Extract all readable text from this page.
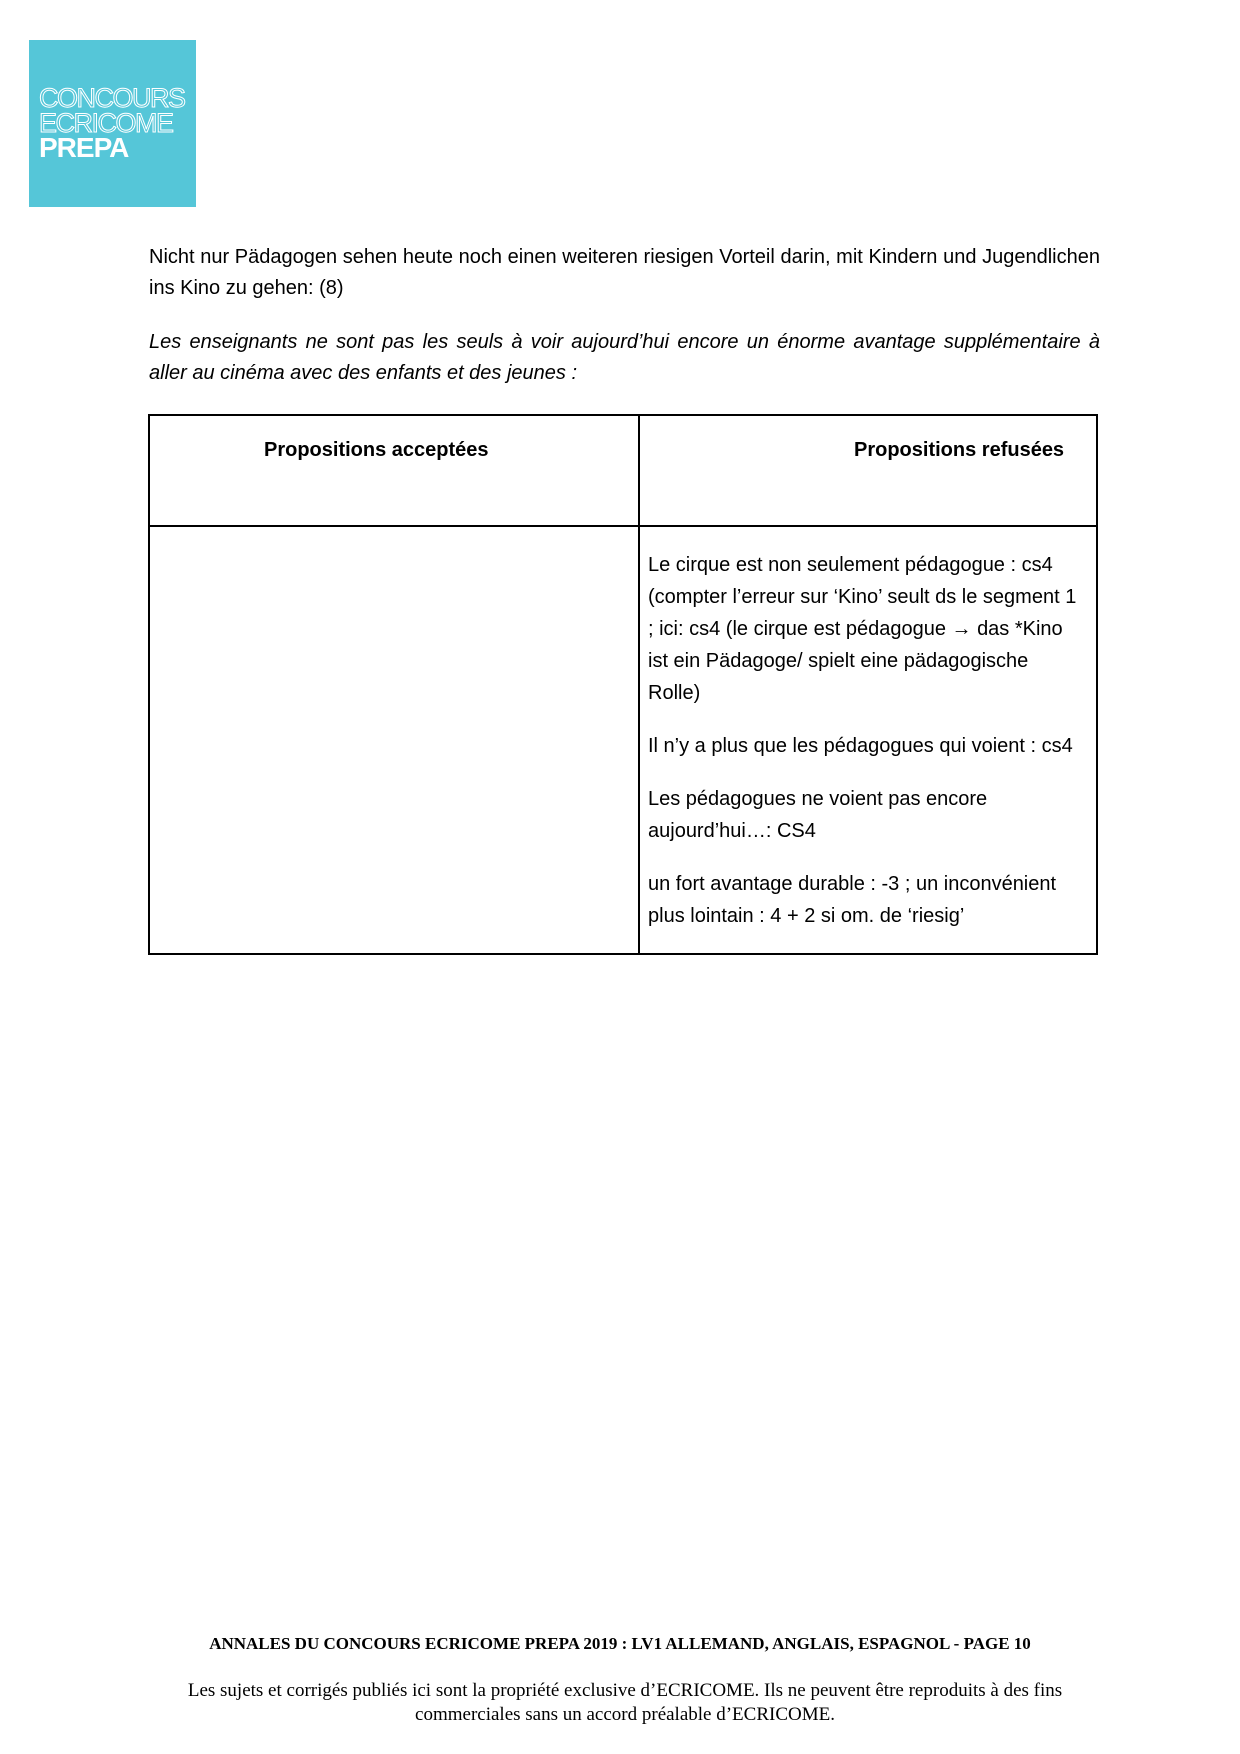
CONCOURS
ECRICOME
PREPA

Nicht nur Pädagogen sehen heute noch einen weiteren riesigen Vorteil darin, mit Kindern und Jugendlichen ins Kino zu gehen: (8)

Les enseignants ne sont pas les seuls à voir aujourd’hui encore un énorme avantage supplémentaire à aller au cinéma avec des enfants et des jeunes :

Propositions acceptées	Propositions refusées

	Le cirque est non seulement pédagogue : cs4 (compter l’erreur sur ‘Kino’ seult ds le segment 1 ; ici: cs4 (le cirque est pédagogue → das *Kino ist ein Pädagoge/ spielt eine pädagogische Rolle)

Il n’y a plus que les pédagogues qui voient : cs4

Les pédagogues ne voient pas encore aujourd’hui…: CS4

un fort avantage durable : -3 ; un inconvénient plus lointain : 4 + 2 si om. de ‘riesig’

ANNALES DU CONCOURS ECRICOME PREPA 2019 : LV1 ALLEMAND, ANGLAIS, ESPAGNOL - PAGE 10
Les sujets et corrigés publiés ici sont la propriété exclusive d’ECRICOME. Ils ne peuvent être reproduits à des fins commerciales sans un accord préalable d’ECRICOME.
